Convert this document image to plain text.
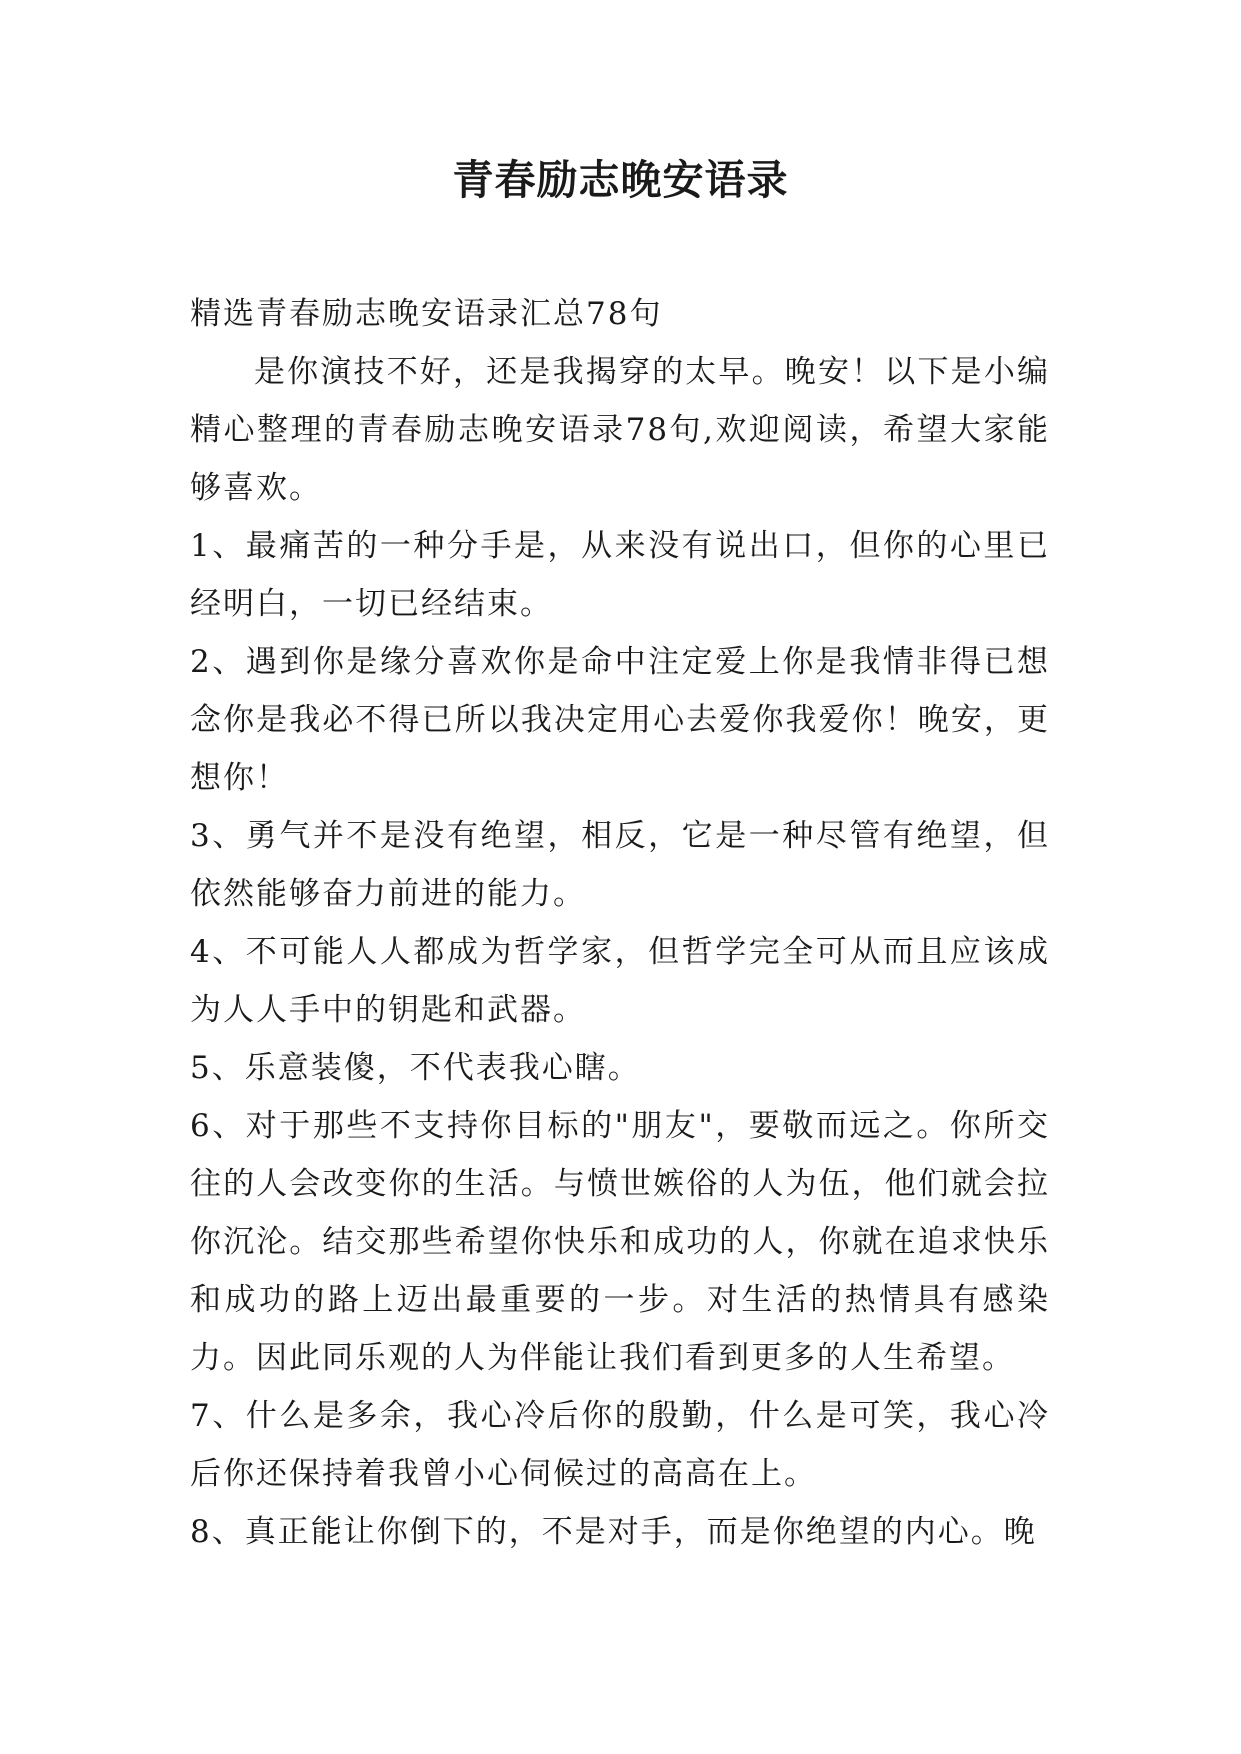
青春励志晚安语录

精选青春励志晚安语录汇总78句

是你演技不好，还是我揭穿的太早。晚安！以下是小编精心整理的青春励志晚安语录78句,欢迎阅读，希望大家能够喜欢。

1、最痛苦的一种分手是，从来没有说出口，但你的心里已经明白，一切已经结束。

2、遇到你是缘分喜欢你是命中注定爱上你是我情非得已想念你是我必不得已所以我决定用心去爱你我爱你！晚安，更想你！

3、勇气并不是没有绝望，相反，它是一种尽管有绝望，但依然能够奋力前进的能力。

4、不可能人人都成为哲学家，但哲学完全可从而且应该成为人人手中的钥匙和武器。

5、乐意装傻，不代表我心瞎。

6、对于那些不支持你目标的"朋友"，要敬而远之。你所交往的人会改变你的生活。与愤世嫉俗的人为伍，他们就会拉你沉沦。结交那些希望你快乐和成功的人，你就在追求快乐和成功的路上迈出最重要的一步。对生活的热情具有感染力。因此同乐观的人为伴能让我们看到更多的人生希望。

7、什么是多余，我心冷后你的殷勤，什么是可笑，我心冷后你还保持着我曾小心伺候过的高高在上。

8、真正能让你倒下的，不是对手，而是你绝望的内心。晚
